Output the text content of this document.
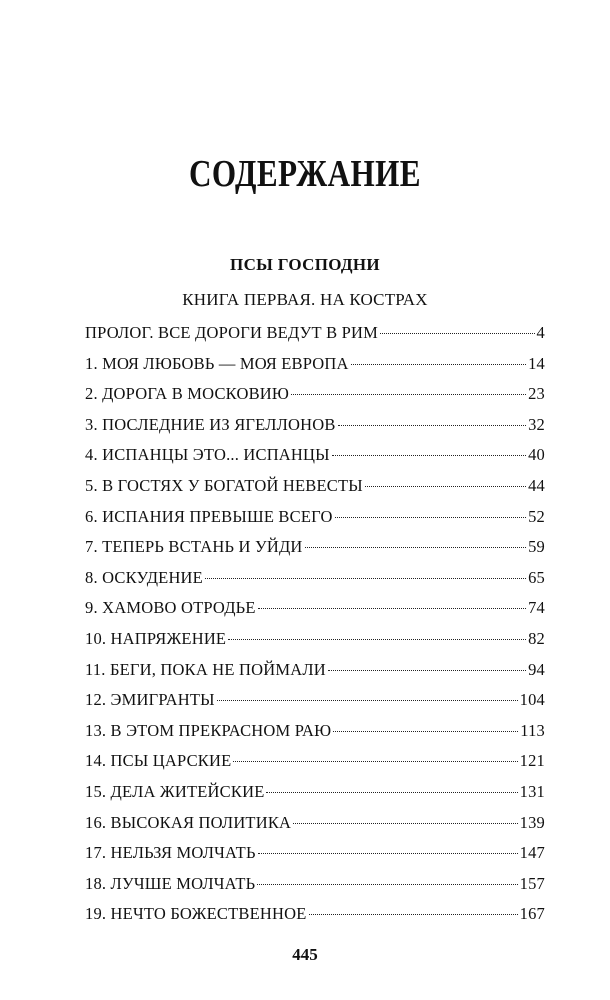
СОДЕРЖАНИЕ
ПСЫ ГОСПОДНИ
КНИГА ПЕРВАЯ. НА КОСТРАХ
ПРОЛОГ. ВСЕ ДОРОГИ ВЕДУТ В РИМ	4
1. МОЯ ЛЮБОВЬ — МОЯ ЕВРОПА	14
2. ДОРОГА В МОСКОВИЮ	23
3. ПОСЛЕДНИЕ ИЗ ЯГЕЛЛОНОВ	32
4. ИСПАНЦЫ ЭТО... ИСПАНЦЫ	40
5. В ГОСТЯХ У БОГАТОЙ НЕВЕСТЫ	44
6. ИСПАНИЯ ПРЕВЫШЕ ВСЕГО	52
7. ТЕПЕРЬ ВСТАНЬ И УЙДИ	59
8. ОСКУДЕНИЕ	65
9. ХАМОВО ОТРОДЬЕ	74
10. НАПРЯЖЕНИЕ	82
11. БЕГИ, ПОКА НЕ ПОЙМАЛИ	94
12. ЭМИГРАНТЫ	104
13. В ЭТОМ ПРЕКРАСНОМ РАЮ	113
14. ПСЫ ЦАРСКИЕ	121
15. ДЕЛА ЖИТЕЙСКИЕ	131
16. ВЫСОКАЯ ПОЛИТИКА	139
17. НЕЛЬЗЯ МОЛЧАТЬ	147
18. ЛУЧШЕ МОЛЧАТЬ	157
19. НЕЧТО БОЖЕСТВЕННОЕ	167
445
